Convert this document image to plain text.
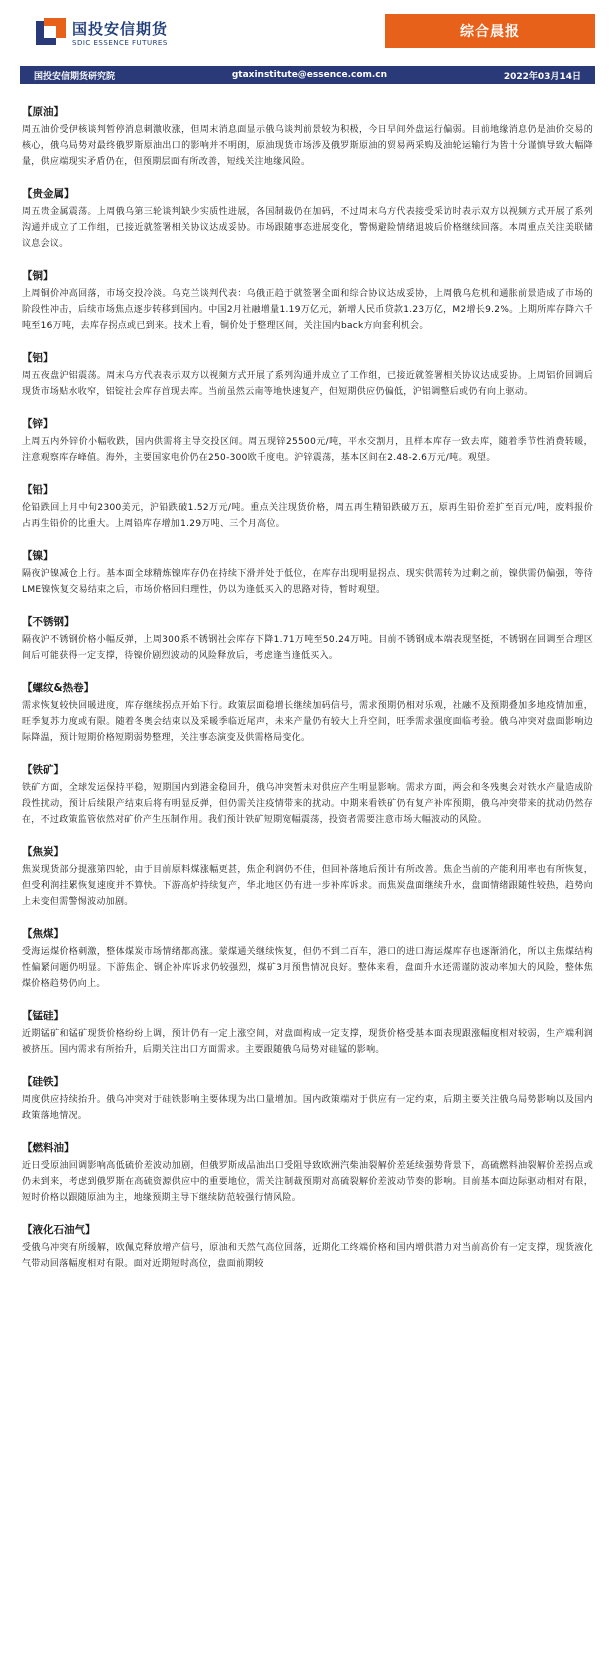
国投安信期货
SDIC ESSENCE FUTURES
综合晨报
国投安信期货研究院	gtaxinstitute@essence.com.cn	2022年03月14日
【原油】
周五油价受伊核谈判暂停消息刺激收涨，但周末消息面显示俄乌谈判前景较为积极，今日早间外盘运行偏弱。目前地缘消息仍是油价交易的核心，俄乌局势对最终俄罗斯原油出口的影响并不明朗，原油现货市场涉及俄罗斯原油的贸易两采购及油轮运输行为皆十分谨慎导致大幅降量，供应端现实矛盾仍在，但预期层面有所改善，短线关注地缘风险。
【贵金属】
周五贵金属震荡。上周俄乌第三轮谈判缺少实质性进展，各国制裁仍在加码，不过周末乌方代表接受采访时表示双方以视频方式开展了系列沟通并成立了工作组，已接近就签署相关协议达成妥协。市场跟随事态进展变化，警惕避险情绪退坡后价格继续回落。本周重点关注美联储议息会议。
【铜】
上周铜价冲高回落，市场交投冷淡。乌克兰谈判代表：乌俄正趋于就签署全面和综合协议达成妥协，上周俄乌危机和通胀前景造成了市场的阶段性冲击，后续市场焦点逐步转移到国内。中国2月社融增量1.19万亿元，新增人民币贷款1.23万亿，M2增长9.2%。上期所库存降六千吨至16万吨，去库存拐点或已到来。技术上看，铜价处于整理区间，关注国内back方向套利机会。
【铝】
周五夜盘沪铝震荡。周末乌方代表表示双方以视频方式开展了系列沟通并成立了工作组，已接近就签署相关协议达成妥协。上周铝价回调后现货市场贴水收窄，铝锭社会库存首现去库。当前虽然云南等地快速复产，但短期供应仍偏低，沪铝调整后或仍有向上驱动。
【锌】
上周五内外锌价小幅收跌，国内供需将主导交投区间。周五现锌25500元/吨，平水交割月，且样本库存一致去库，随着季节性消费转暖，注意观察库存峰值。海外，主要国家电价仍在250-300欧千度电。沪锌震荡，基本区间在2.48-2.6万元/吨。观望。
【铅】
伦铅跌回上月中旬2300美元，沪铅跌破1.52万元/吨。重点关注现货价格，周五再生精铅跌破万五，原再生铅价差扩至百元/吨，废料报价占再生铅价的比重大。上周铅库存增加1.29万吨、三个月高位。
【镍】
隔夜沪镍减仓上行。基本面全球精炼镍库存仍在持续下滑并处于低位，在库存出现明显拐点、现实供需转为过剩之前，镍供需仍偏强，等待LME镍恢复交易结束之后，市场价格回归理性，仍以为逢低买入的思路对待，暂时观望。
【不锈钢】
隔夜沪不锈钢价格小幅反弹，上周300系不锈钢社会库存下降1.71万吨至50.24万吨。目前不锈钢成本端表现坚挺，不锈钢在回调至合理区间后可能获得一定支撑，待镍价剧烈波动的风险释放后，考虑逢当逢低买入。
【螺纹&热卷】
需求恢复较快回暖进度，库存继续拐点开始下行。政策层面稳增长继续加码信号，需求预期仍相对乐观，社融不及预期叠加多地疫情加重，旺季复苏力度或有限。随着冬奥会结束以及采暖季临近尾声，未来产量仍有较大上升空间，旺季需求强度面临考验。俄乌冲突对盘面影响边际降温，预计短期价格短期弱势整理，关注事态演变及供需格局变化。
【铁矿】
铁矿方面，全球发运保持平稳，短期国内到港金稳回升，俄乌冲突暂未对供应产生明显影响。需求方面，两会和冬残奥会对铁水产量造成阶段性扰动，预计后续限产结束后将有明显反弹，但仍需关注疫情带来的扰动。中期来看铁矿仍有复产补库预期，俄乌冲突带来的扰动仍然存在，不过政策监管依然对矿价产生压制作用。我们预计铁矿短期宽幅震荡，投资者需要注意市场大幅波动的风险。
【焦炭】
焦炭现货部分提涨第四轮，由于目前原料煤涨幅更甚，焦企利润仍不佳，但回补落地后预计有所改善。焦企当前的产能利用率也有所恢复，但受利润挂累恢复速度并不算快。下游高炉持续复产，华北地区仍有进一步补库诉求。而焦炭盘面继续升水，盘面情绪跟随性较热，趋势向上未变但需警惕波动加剧。
【焦煤】
受海运煤价格刺激，整体煤炭市场情绪都高涨。蒙煤通关继续恢复，但仍不到二百车，港口的进口海运煤库存也逐渐消化，所以主焦煤结构性偏紧问题仍明显。下游焦企、钢企补库诉求仍较强烈，煤矿3月预售情况良好。整体来看，盘面升水还需谨防波动率加大的风险，整体焦煤价格趋势仍向上。
【锰硅】
近期锰矿和锰矿现货价格纷纷上调，预计仍有一定上涨空间，对盘面构成一定支撑，现货价格受基本面表现跟涨幅度相对较弱，生产端利润被挤压。国内需求有所抬升，后期关注出口方面需求。主要跟随俄乌局势对硅锰的影响。
【硅铁】
周度供应持续抬升。俄乌冲突对于硅铁影响主要体现为出口量增加。国内政策端对于供应有一定约束，后期主要关注俄乌局势影响以及国内政策落地情况。
【燃料油】
近日受原油回调影响高低硫价差波动加剧，但俄罗斯成品油出口受阻导致欧洲汽柴油裂解价差延续强势背景下，高硫燃料油裂解价差拐点或仍未到来，考虑到俄罗斯在高硫资源供应中的重要地位，需关注制裁预期对高硫裂解价差波动节奏的影响。目前基本面边际驱动相对有限，短时价格以跟随原油为主，地缘预期主导下继续防范较强行情风险。
【液化石油气】
受俄乌冲突有所缓解，欧佩克释放增产信号，原油和天然气高位回落，近期化工终端价格和国内增供潜力对当前高价有一定支撑，现货液化气带动回落幅度相对有限。面对近期短时高位，盘面前期较
